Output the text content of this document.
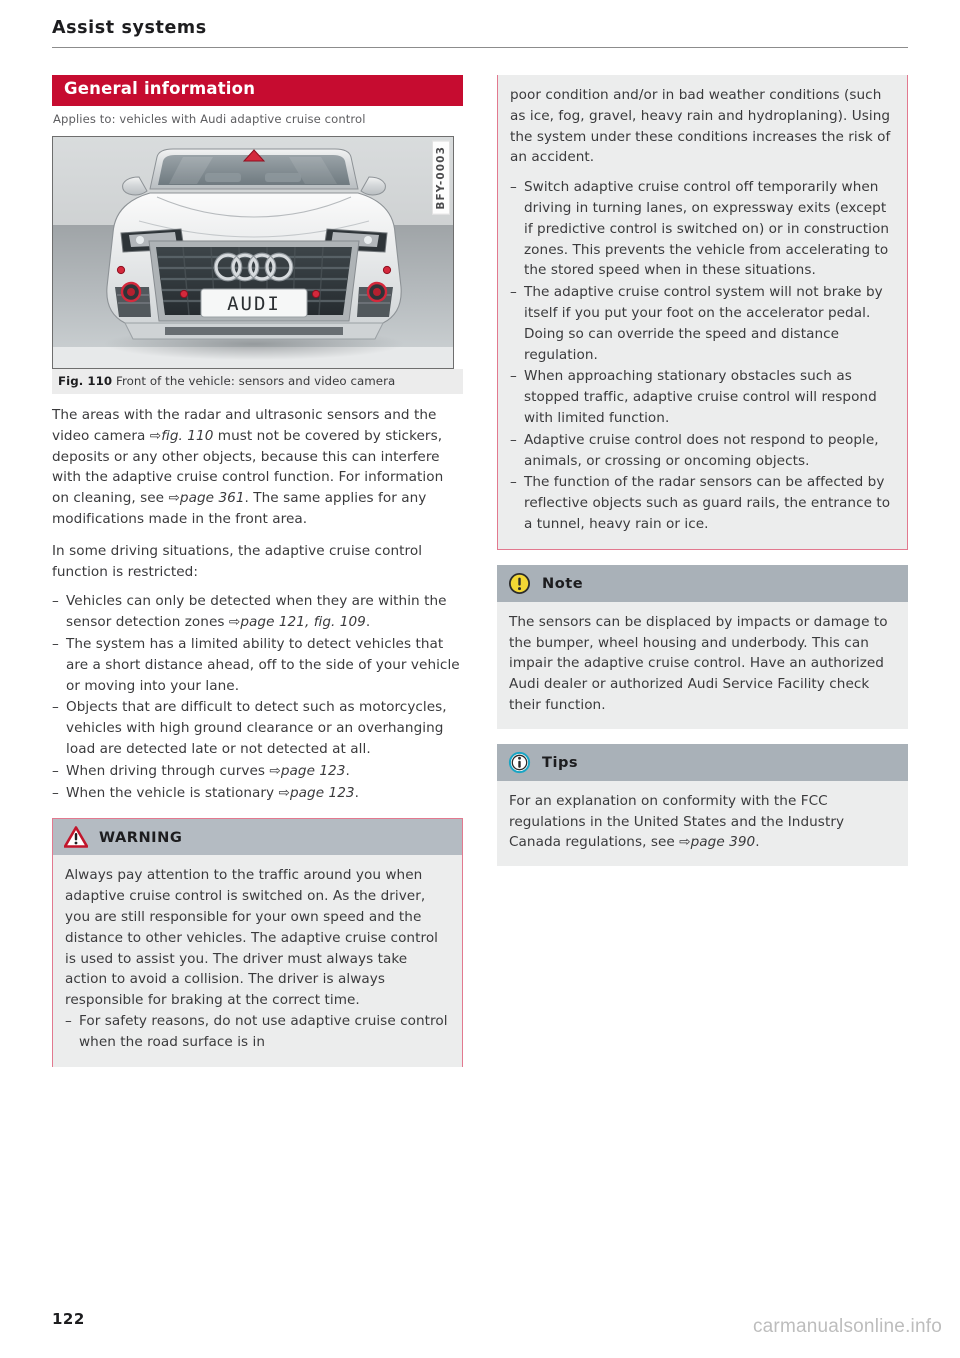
Assist systems
General information
Applies to: vehicles with Audi adaptive cruise control
AUDI
BFY-0003
Fig. 110 Front of the vehicle: sensors and video camera

The areas with the radar and ultrasonic sensors and the video camera ⇨fig. 110 must not be covered by stickers, deposits or any other objects, because this can interfere with the adaptive cruise control function. For information on cleaning, see ⇨page 361. The same applies for any modifications made in the front area.

In some driving situations, the adaptive cruise control function is restricted:

– Vehicles can only be detected when they are within the sensor detection zones ⇨page 121, fig. 109.
– The system has a limited ability to detect vehicles that are a short distance ahead, off to the side of your vehicle or moving into your lane.
– Objects that are difficult to detect such as motorcycles, vehicles with high ground clearance or an overhanging load are detected late or not detected at all.
– When driving through curves ⇨page 123.
– When the vehicle is stationary ⇨page 123.
WARNING

Always pay attention to the traffic around you when adaptive cruise control is switched on. As the driver, you are still responsible for your own speed and the distance to other vehicles. The adaptive cruise control is used to assist you. The driver must always take action to avoid a collision. The driver is always responsible for braking at the correct time.

– For safety reasons, do not use adaptive cruise control when the road surface is in

poor condition and/or in bad weather conditions (such as ice, fog, gravel, heavy rain and hydroplaning). Using the system under these conditions increases the risk of an accident.

– Switch adaptive cruise control off temporarily when driving in turning lanes, on expressway exits (except if predictive control is switched on) or in construction zones. This prevents the vehicle from accelerating to the stored speed when in these situations.
– The adaptive cruise control system will not brake by itself if you put your foot on the accelerator pedal. Doing so can override the speed and distance regulation.
– When approaching stationary obstacles such as stopped traffic, adaptive cruise control will respond with limited function.
– Adaptive cruise control does not respond to people, animals, or crossing or oncoming objects.
– The function of the radar sensors can be affected by reflective objects such as guard rails, the entrance to a tunnel, heavy rain or ice.
Note

The sensors can be displaced by impacts or damage to the bumper, wheel housing and underbody. This can impair the adaptive cruise control. Have an authorized Audi dealer or authorized Audi Service Facility check their function.

Tips

For an explanation on conformity with the FCC regulations in the United States and the Industry Canada regulations, see ⇨page 390.

122	carmanualsonline.info
